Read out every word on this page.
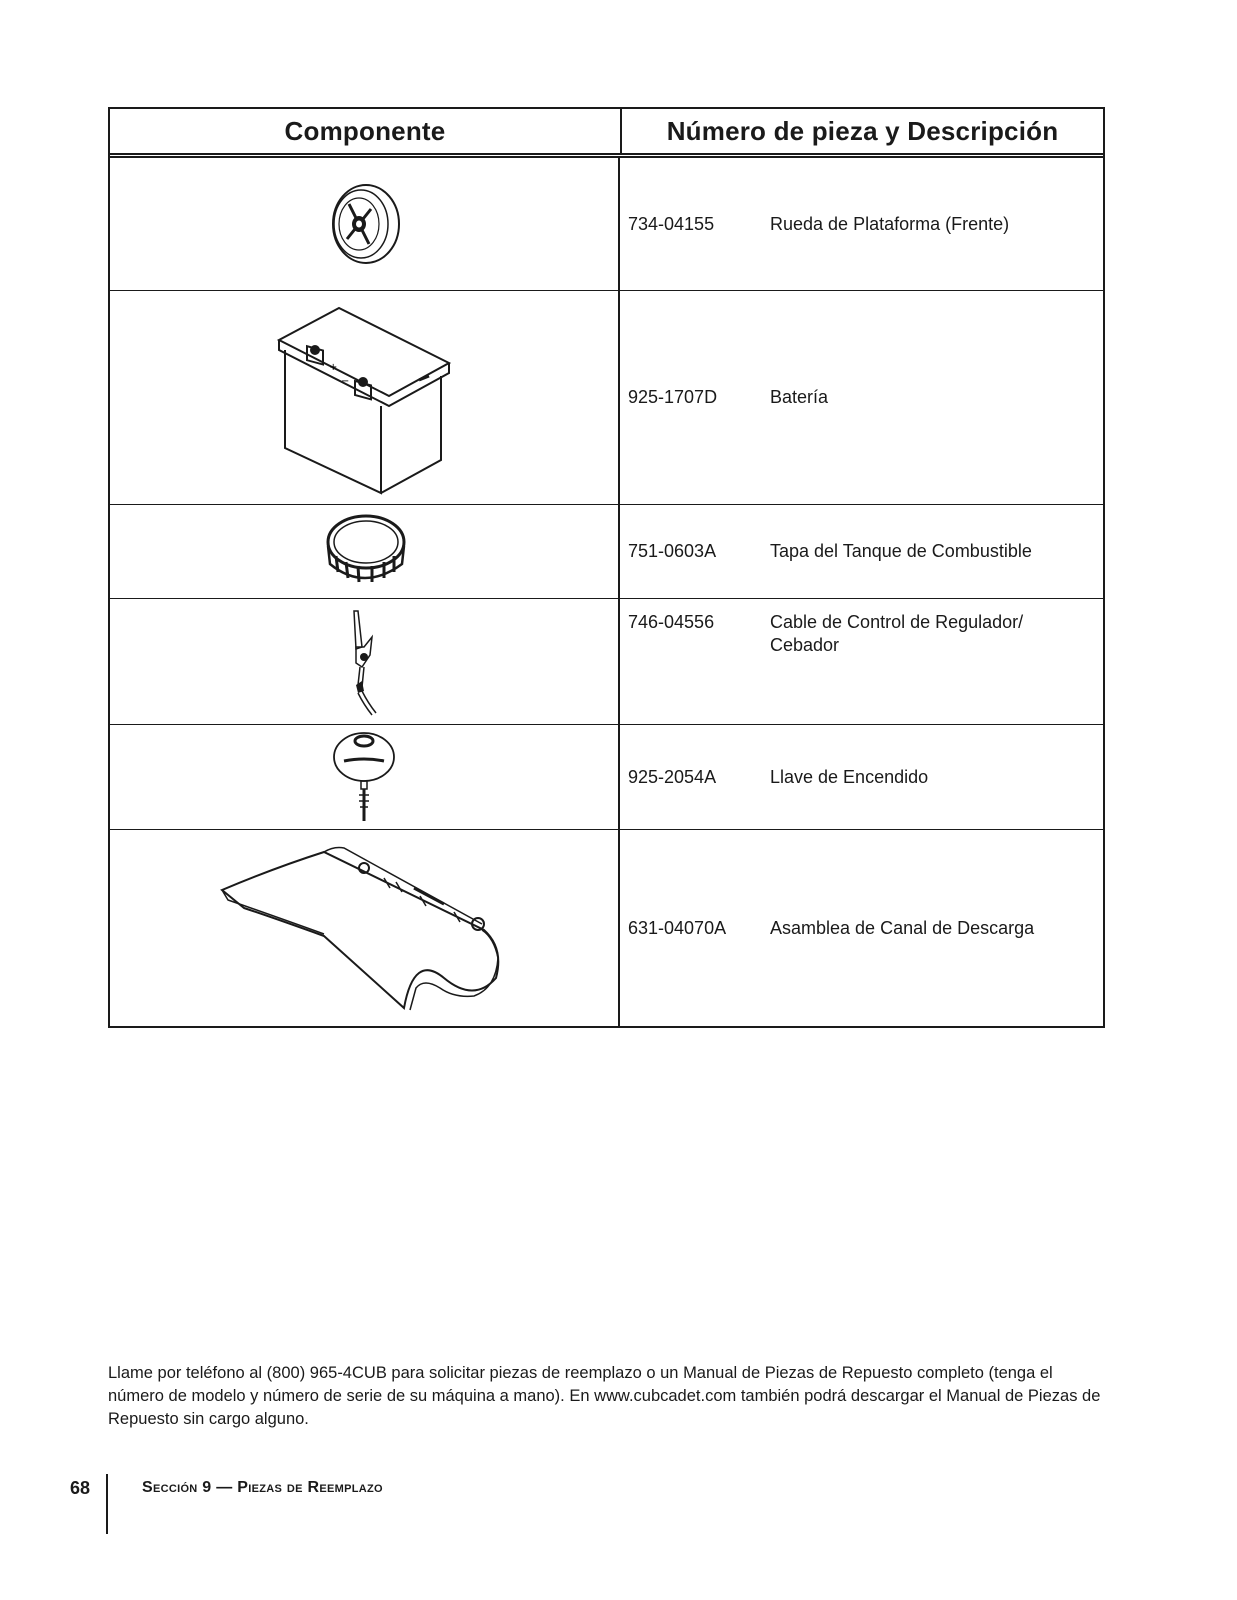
Componente	Número de pieza y Descripción
734-04155	Rueda de Plataforma (Frente)
+
−
925-1707D	Batería
751-0603A	Tapa del Tanque de Combustible
746-04556	Cable de Control de Regulador/ Cebador
925-2054A	Llave de Encendido
631-04070A	Asamblea de Canal de Descarga
Llame por teléfono al (800) 965-4CUB para solicitar piezas de reemplazo o un Manual de Piezas de Repuesto completo (tenga el número de modelo y número de serie de su máquina a mano). En www.cubcadet.com también podrá descargar el Manual de Piezas de Repuesto sin cargo alguno.
68	Sección 9 — Piezas de Reemplazo
